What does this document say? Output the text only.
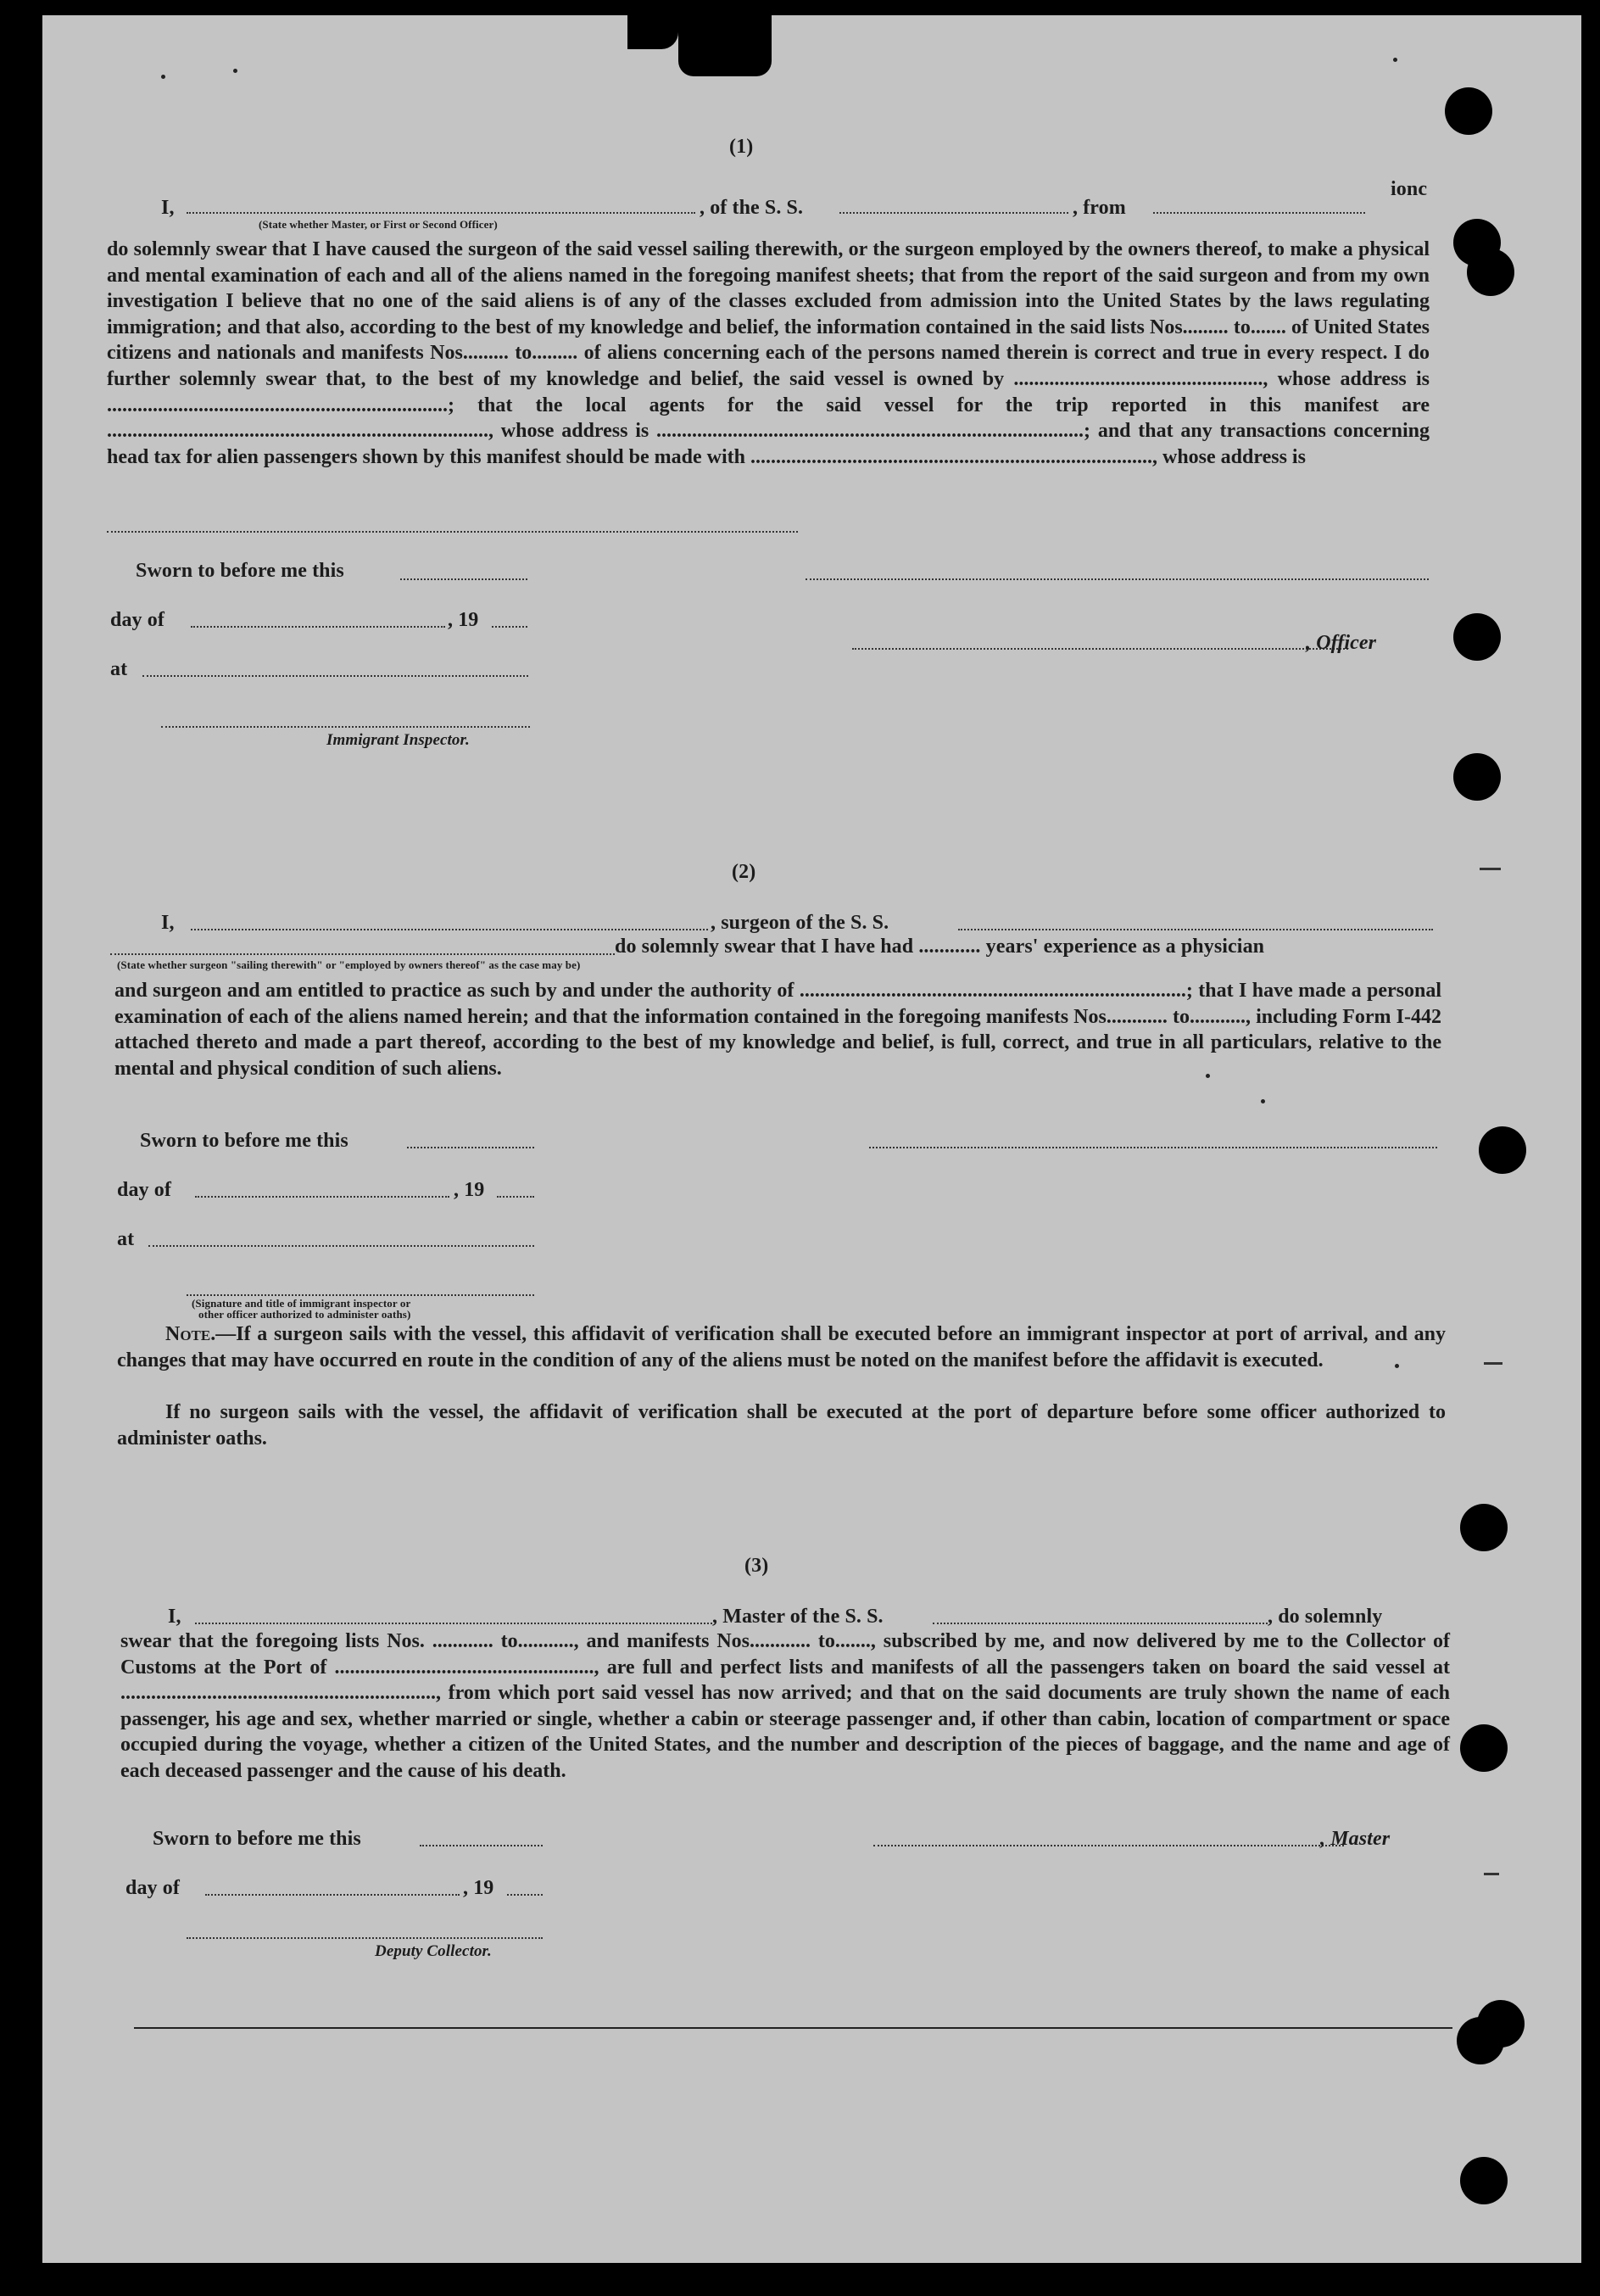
(1)
I,	, of the S. S.	, from
ionc
(State whether Master, or First or Second Officer)
do solemnly swear that I have caused the surgeon of the said vessel sailing therewith, or the surgeon employed by the owners thereof, to make a physical and mental examination of each and all of the aliens named in the foregoing manifest sheets; that from the report of the said surgeon and from my own investigation I believe that no one of the said aliens is of any of the classes excluded from admission into the United States by the laws regulating immigration; and that also, according to the best of my knowledge and belief, the information contained in the said lists Nos......... to....... of United States citizens and nationals and manifests Nos......... to......... of aliens concerning each of the persons named therein is correct and true in every respect. I do further solemnly swear that, to the best of my knowledge and belief, the said vessel is owned by ................................................., whose address is ...................................................................; that the local agents for the said vessel for the trip reported in this manifest are ..........................................................................., whose address is ....................................................................................; and that any transactions concerning head tax for alien passengers shown by this manifest should be made with ..............................................................................., whose address is
Sworn to before me this
day of	, 19
, Officer
at
Immigrant Inspector.
(2)
I,	, surgeon of the S. S.
do solemnly swear that I have had ............ years' experience as a physician
(State whether surgeon "sailing therewith" or "employed by owners thereof" as the case may be)
and surgeon and am entitled to practice as such by and under the authority of ............................................................................; that I have made a personal examination of each of the aliens named herein; and that the information contained in the foregoing manifests Nos............ to..........., including Form I-442 attached thereto and made a part thereof, according to the best of my knowledge and belief, is full, correct, and true in all particulars, relative to the mental and physical condition of such aliens.
Sworn to before me this
day of	, 19
at
(Signature and title of immigrant inspector or
other officer authorized to administer oaths)
Note.—If a surgeon sails with the vessel, this affidavit of verification shall be executed before an immigrant inspector at port of arrival, and any changes that may have occurred en route in the condition of any of the aliens must be noted on the manifest before the affidavit is executed.
If no surgeon sails with the vessel, the affidavit of verification shall be executed at the port of departure before some officer authorized to administer oaths.
(3)
I,	, Master of the S. S.	, do solemnly
swear that the foregoing lists Nos. ............ to..........., and manifests Nos............ to......., subscribed by me, and now delivered by me to the Collector of Customs at the Port of ..................................................., are full and perfect lists and manifests of all the passengers taken on board the said vessel at .............................................................., from which port said vessel has now arrived; and that on the said documents are truly shown the name of each passenger, his age and sex, whether married or single, whether a cabin or steerage passenger and, if other than cabin, location of compartment or space occupied during the voyage, whether a citizen of the United States, and the number and description of the pieces of baggage, and the name and age of each deceased passenger and the cause of his death.
Sworn to before me this	, Master
day of	, 19
Deputy Collector.
